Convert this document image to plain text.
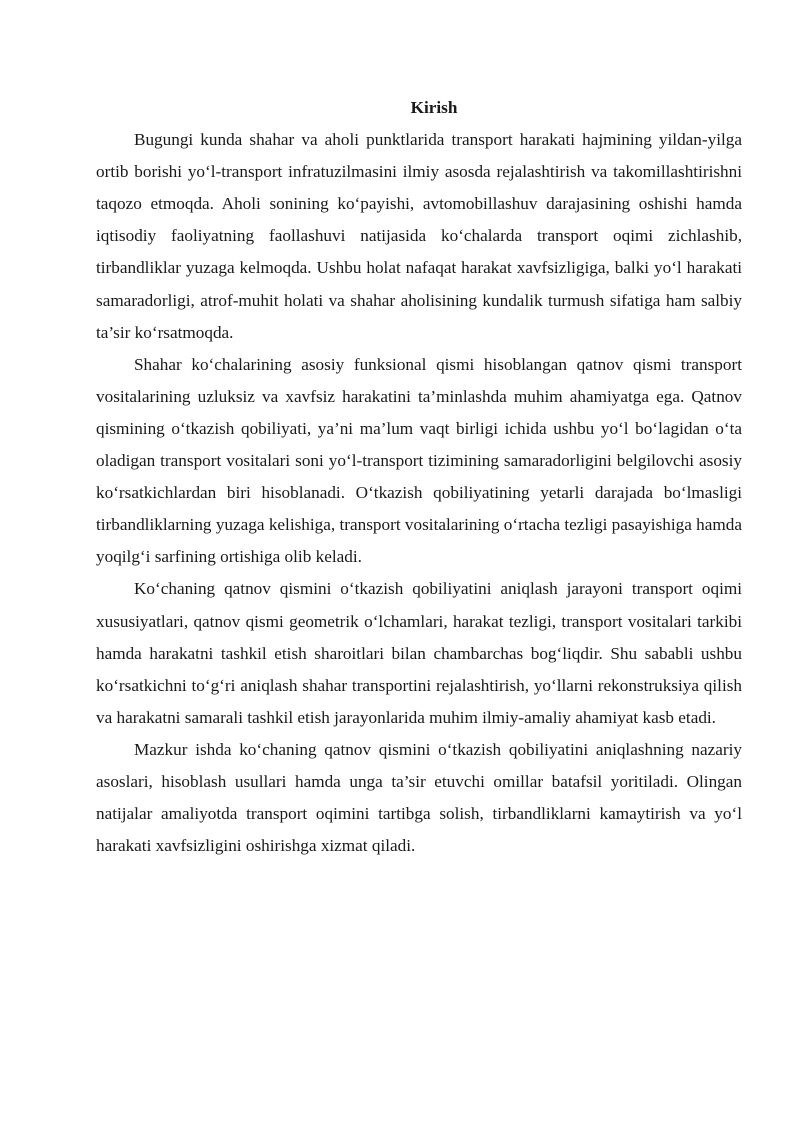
Kirish

Bugungi kunda shahar va aholi punktlarida transport harakati hajmining yildan-yilga ortib borishi yo‘l-transport infratuzilmasini ilmiy asosda rejalashtirish va takomillashtirishni taqozo etmoqda. Aholi sonining ko‘payishi, avtomobillashuv darajasining oshishi hamda iqtisodiy faoliyatning faollashuvi natijasida ko‘chalarda transport oqimi zichlashib, tirbandliklar yuzaga kelmoqda. Ushbu holat nafaqat harakat xavfsizligiga, balki yo‘l harakati samaradorligi, atrof-muhit holati va shahar aholisining kundalik turmush sifatiga ham salbiy ta’sir ko‘rsatmoqda.

Shahar ko‘chalarining asosiy funksional qismi hisoblangan qatnov qismi transport vositalarining uzluksiz va xavfsiz harakatini ta’minlashda muhim ahamiyatga ega. Qatnov qismining o‘tkazish qobiliyati, ya’ni ma’lum vaqt birligi ichida ushbu yo‘l bo‘lagidan o‘ta oladigan transport vositalari soni yo‘l-transport tizimining samaradorligini belgilovchi asosiy ko‘rsatkichlardan biri hisoblanadi. O‘tkazish qobiliyatining yetarli darajada bo‘lmasligi tirbandliklarning yuzaga kelishiga, transport vositalarining o‘rtacha tezligi pasayishiga hamda yoqilg‘i sarfining ortishiga olib keladi.

Ko‘chaning qatnov qismini o‘tkazish qobiliyatini aniqlash jarayoni transport oqimi xususiyatlari, qatnov qismi geometrik o‘lchamlari, harakat tezligi, transport vositalari tarkibi hamda harakatni tashkil etish sharoitlari bilan chambarchas bog‘liqdir. Shu sababli ushbu ko‘rsatkichni to‘g‘ri aniqlash shahar transportini rejalashtirish, yo‘llarni rekonstruksiya qilish va harakatni samarali tashkil etish jarayonlarida muhim ilmiy-amaliy ahamiyat kasb etadi.

Mazkur ishda ko‘chaning qatnov qismini o‘tkazish qobiliyatini aniqlashning nazariy asoslari, hisoblash usullari hamda unga ta’sir etuvchi omillar batafsil yoritiladi. Olingan natijalar amaliyotda transport oqimini tartibga solish, tirbandliklarni kamaytirish va yo‘l harakati xavfsizligini oshirishga xizmat qiladi.
